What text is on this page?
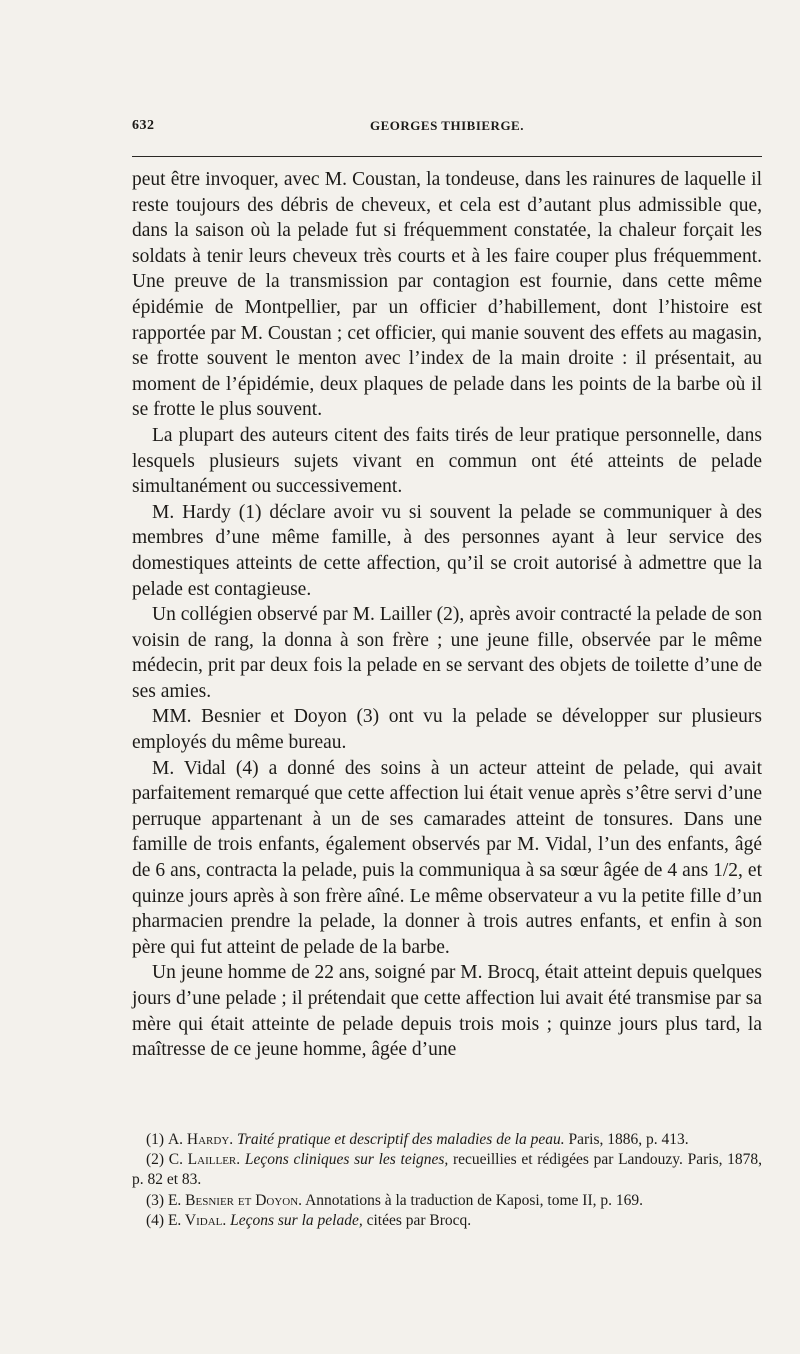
632	GEORGES THIBIERGE.

peut être invoquer, avec M. Coustan, la tondeuse, dans les rainures de laquelle il reste toujours des débris de cheveux, et cela est d’autant plus admissible que, dans la saison où la pelade fut si fréquemment constatée, la chaleur forçait les soldats à tenir leurs cheveux très courts et à les faire couper plus fréquemment. Une preuve de la transmission par contagion est fournie, dans cette même épidémie de Montpellier, par un officier d’habillement, dont l’histoire est rapportée par M. Coustan ; cet officier, qui manie souvent des effets au magasin, se frotte souvent le menton avec l’index de la main droite : il présentait, au moment de l’épidémie, deux plaques de pelade dans les points de la barbe où il se frotte le plus souvent.

La plupart des auteurs citent des faits tirés de leur pratique personnelle, dans lesquels plusieurs sujets vivant en commun ont été atteints de pelade simultanément ou successivement.

M. Hardy (1) déclare avoir vu si souvent la pelade se communiquer à des membres d’une même famille, à des personnes ayant à leur service des domestiques atteints de cette affection, qu’il se croit autorisé à admettre que la pelade est contagieuse.

Un collégien observé par M. Lailler (2), après avoir contracté la pelade de son voisin de rang, la donna à son frère ; une jeune fille, observée par le même médecin, prit par deux fois la pelade en se servant des objets de toilette d’une de ses amies.

MM. Besnier et Doyon (3) ont vu la pelade se développer sur plusieurs employés du même bureau.

M. Vidal (4) a donné des soins à un acteur atteint de pelade, qui avait parfaitement remarqué que cette affection lui était venue après s’être servi d’une perruque appartenant à un de ses camarades atteint de tonsures. Dans une famille de trois enfants, également observés par M. Vidal, l’un des enfants, âgé de 6 ans, contracta la pelade, puis la communiqua à sa sœur âgée de 4 ans 1/2, et quinze jours après à son frère aîné. Le même observateur a vu la petite fille d’un pharmacien prendre la pelade, la donner à trois autres enfants, et enfin à son père qui fut atteint de pelade de la barbe.

Un jeune homme de 22 ans, soigné par M. Brocq, était atteint depuis quelques jours d’une pelade ; il prétendait que cette affection lui avait été transmise par sa mère qui était atteinte de pelade depuis trois mois ; quinze jours plus tard, la maîtresse de ce jeune homme, âgée d’une

(1) A. Hardy. Traité pratique et descriptif des maladies de la peau. Paris, 1886, p. 413.

(2) C. Lailler. Leçons cliniques sur les teignes, recueillies et rédigées par Landouzy. Paris, 1878, p. 82 et 83.

(3) E. Besnier et Doyon. Annotations à la traduction de Kaposi, tome II, p. 169.

(4) E. Vidal. Leçons sur la pelade, citées par Brocq.
